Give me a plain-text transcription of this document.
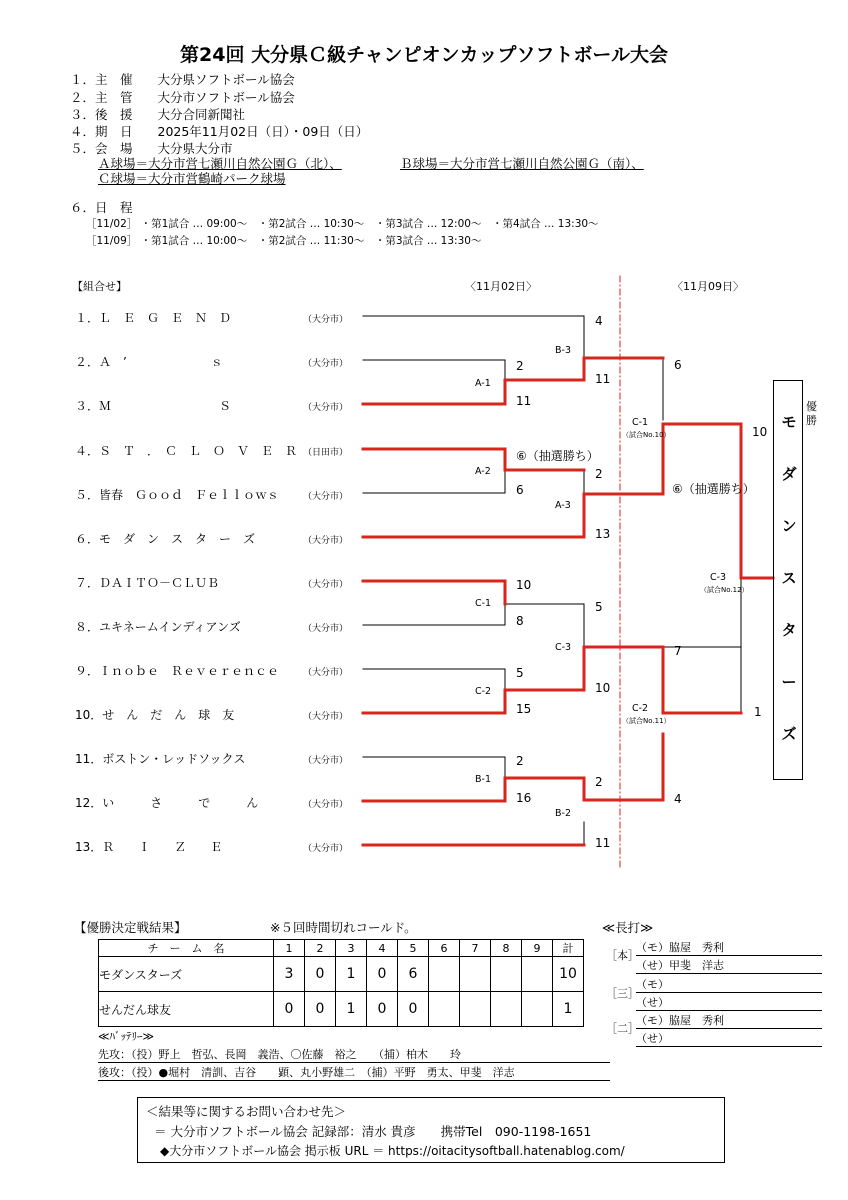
第24回 大分県Ｃ級チャンピオンカップソフトボール大会
１．主　催　　大分県ソフトボール協会
２．主　管　　大分市ソフトボール協会
３．後　援　　大分合同新聞社
４．期　日　　2025年11月02日（日）・09日（日）
５．会　場　　大分県大分市
Ａ球場＝大分市営七瀬川自然公園Ｇ（北）、	Ｂ球場＝大分市営七瀬川自然公園Ｇ（南）、
Ｃ球場＝大分市営鶴崎パーク球場
６．日　程
［11/02］ ・第1試合 … 09:00～　・第2試合 … 10:30～　・第3試合 … 12:00～　・第4試合 … 13:30～
［11/09］ ・第1試合 … 10:00～　・第2試合 … 11:30～　・第3試合 … 13:30～
【組合せ】	〈11月02日〉	〈11月09日〉
１．Ｌ　Ｅ　Ｇ　Ｅ　Ｎ　Ｄ	（大分市）
２．Ａ　’　　　　　　　ｓ	（大分市）
３．Ｍ　　　　　　　　　Ｓ	（大分市）
４．Ｓ　Ｔ　．　Ｃ　Ｌ　Ｏ　Ｖ　Ｅ　Ｒ （日田市）
５．皆春　Ｇｏｏｄ　Ｆｅｌｌｏｗｓ	（大分市）
６．モ　ダ　ン　ス　タ　ー　ズ	（大分市）
７．ＤＡＩＴＯ－ＣＬＵＢ	（大分市）
８．ユキネームインディアンズ	（大分市）
９．Ｉｎｏｂｅ　Ｒｅｖｅｒｅｎｃｅ	（大分市）
10．せ　ん　だ　ん　球　友	（大分市）
11．ボストン・レッドソックス	（大分市）
12．い　　　さ　　　で　　　ん	（大分市）
13．Ｒ　　Ｉ　　Ｚ　　Ｅ	（大分市）
B-3
A-1
A-2
A-3
C-1
C-3
C-2
B-1
B-2
C-1
（試合No.10）
C-2
（試合No.11）
C-3
（試合No.12）
2
11
⑥（抽選勝ち）
6
4
11
2
13
10
8
5
10
5
15
2
16
2
11
6
⑥（抽選勝ち）
7
4
10
1
優勝
モ
ダ
ン
ス
タ
ー
ズ
【優勝決定戦結果】	※５回時間切れコールド。
チ　ー　ム　名	1	2	3	4	5	6	7	8	9	計
モダンスターズ	3	0	1	0	6					10
せんだん球友	0	0	1	0	0					1
≪ﾊﾞｯﾃﾘｰ≫
先攻：（投）野上　哲弘、長岡　義浩、〇佐藤　裕之　　（捕）柏木　　玲
後攻：（投）●堀村　清訓、吉谷　　顕、丸小野雄二　（捕）平野　勇太、甲斐　洋志
≪長打≫
［本］
（モ）脇屋　秀利
（せ）甲斐　洋志
［三］
（モ）
（せ）
［二］
（モ）脇屋　秀利
（せ）
＜結果等に関するお問い合わせ先＞
＝ 大分市ソフトボール協会 記録部：清水 貴彦　　携帯Tel　090-1198-1651
◆大分市ソフトボール協会 掲示板 URL ＝ https://oitacitysoftball.hatenablog.com/
